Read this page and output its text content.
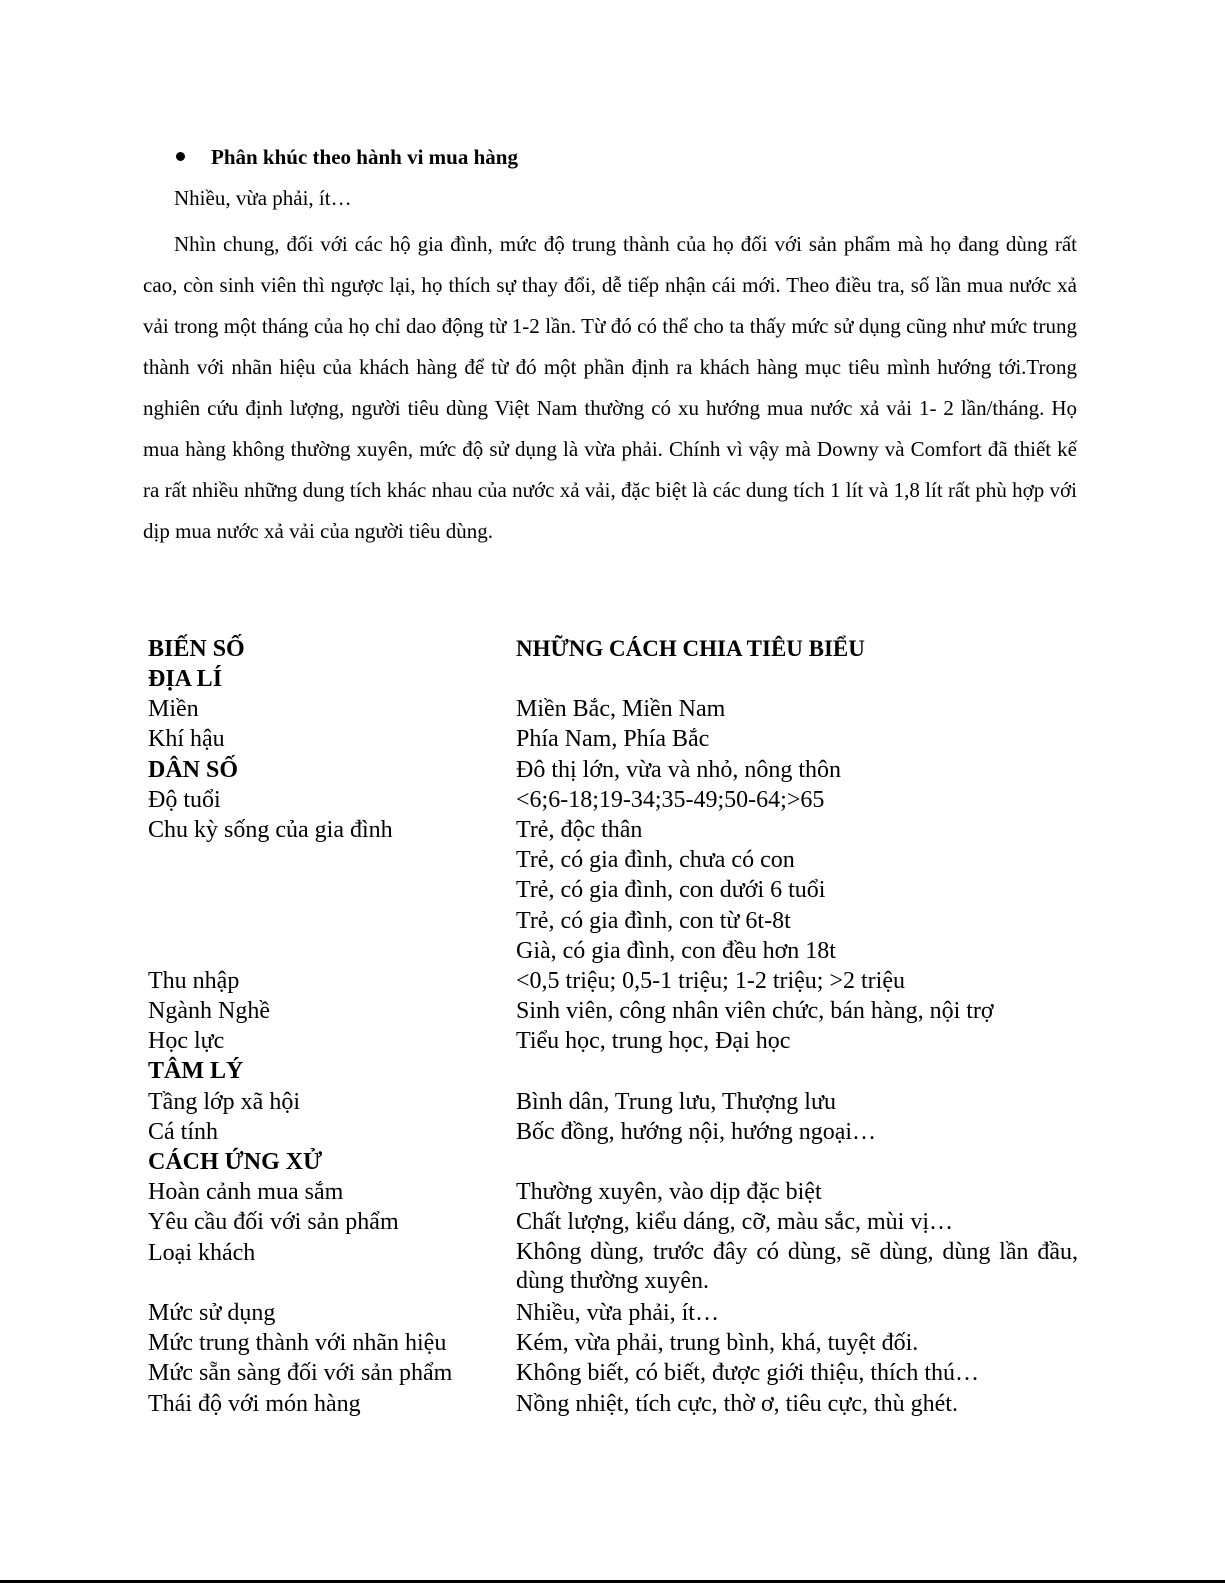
Phân khúc theo hành vi mua hàng
Nhiều, vừa phải, ít…

Nhìn chung, đối với các hộ gia đình, mức độ trung thành của họ đối với sản phẩm mà họ đang dùng rất cao, còn sinh viên thì ngược lại, họ thích sự thay đổi, dễ tiếp nhận cái mới. Theo điều tra, số lần mua nước xả vải trong một tháng của họ chỉ dao động từ 1-2 lần. Từ đó có thể cho ta thấy mức sử dụng cũng như mức trung thành với nhãn hiệu của khách hàng để từ đó một phần định ra khách hàng mục tiêu mình hướng tới.Trong nghiên cứu định lượng, người tiêu dùng Việt Nam thường có xu hướng mua nước xả vải 1- 2 lần/tháng. Họ mua hàng không thường xuyên, mức độ sử dụng là vừa phải. Chính vì vậy mà Downy và Comfort đã thiết kế ra rất nhiều những dung tích khác nhau của nước xả vải, đặc biệt là các dung tích 1 lít và 1,8 lít rất phù hợp với dịp mua nước xả vải của người tiêu dùng.

BIẾN SỐ	NHỮNG CÁCH CHIA TIÊU BIỂU
ĐỊA LÍ
Miền	Miền Bắc, Miền Nam
Khí hậu	Phía Nam, Phía Bắc
DÂN SỐ	Đô thị lớn, vừa và nhỏ, nông thôn
Độ tuổi	<6;6-18;19-34;35-49;50-64;>65
Chu kỳ sống của gia đình	Trẻ, độc thân
Trẻ, có gia đình, chưa có con
Trẻ, có gia đình, con dưới 6 tuổi
Trẻ, có gia đình, con từ 6t-8t
Già, có gia đình, con đều hơn 18t
Thu nhập	<0,5 triệu; 0,5-1 triệu; 1-2 triệu; >2 triệu
Ngành Nghề	Sinh viên, công nhân viên chức, bán hàng, nội trợ
Học lực	Tiểu học, trung học, Đại học
TÂM LÝ
Tầng lớp xã hội	Bình dân, Trung lưu, Thượng lưu
Cá tính	Bốc đồng, hướng nội, hướng ngoại…
CÁCH ỨNG XỬ
Hoàn cảnh mua sắm	Thường xuyên, vào dịp đặc biệt
Yêu cầu đối với sản phẩm	Chất lượng, kiểu dáng, cỡ, màu sắc, mùi vị…
Loại khách	Không dùng, trước đây có dùng, sẽ dùng, dùng lần đầu, dùng thường xuyên.
Mức sử dụng	Nhiều, vừa phải, ít…
Mức trung thành với nhãn hiệu	Kém, vừa phải, trung bình, khá, tuyệt đối.
Mức sẵn sàng đối với sản phẩm	Không biết, có biết, được giới thiệu, thích thú…
Thái độ với món hàng	Nồng nhiệt, tích cực, thờ ơ, tiêu cực, thù ghét.
